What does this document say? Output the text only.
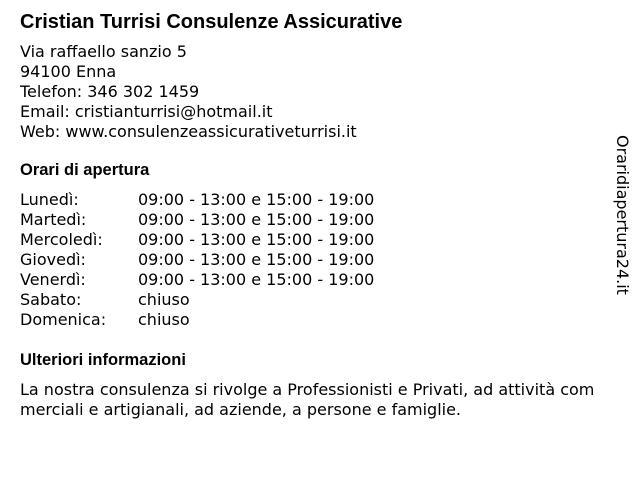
Cristian Turrisi Consulenze Assicurative
Via raffaello sanzio 5
94100 Enna
Telefon: 346 302 1459
Email: cristianturrisi@hotmail.it
Web: www.consulenzeassicurativeturrisi.it
Orari di apertura
Lunedì:	09:00 - 13:00 e 15:00 - 19:00
Martedì:	09:00 - 13:00 e 15:00 - 19:00
Mercoledì:	09:00 - 13:00 e 15:00 - 19:00
Giovedì:	09:00 - 13:00 e 15:00 - 19:00
Venerdì:	09:00 - 13:00 e 15:00 - 19:00
Sabato:	chiuso
Domenica:	chiuso
Ulteriori informazioni
La nostra consulenza si rivolge a Professionisti e Privati, ad attività commerciali e artigianali, ad aziende, a persone e famiglie.
Oraridiapertura24.it
